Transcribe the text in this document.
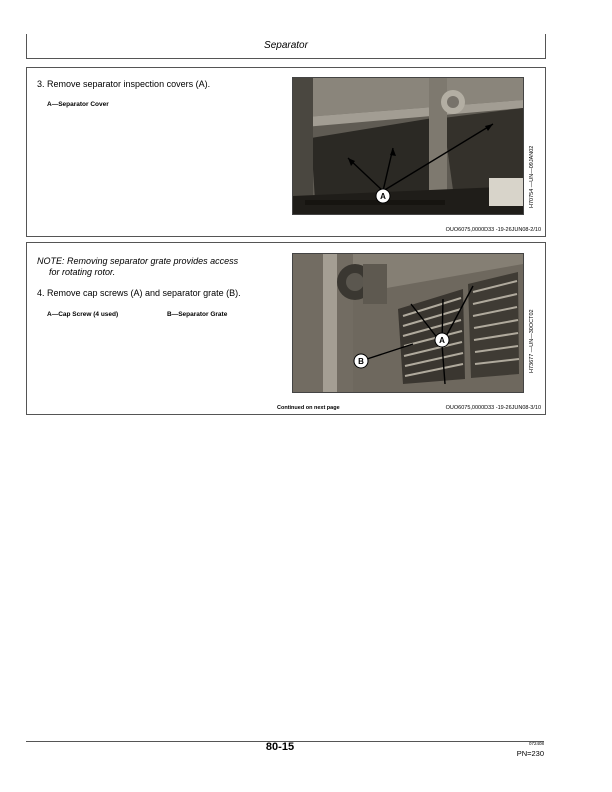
Separator
3. Remove separator inspection covers (A).
A—Separator Cover
A	H70754 —UN—09JAN02
OUO6075,0000D33 -19-26JUN08-2/10
NOTE: Removing separator grate provides access
for rotating rotor.
4. Remove cap screws (A) and separator grate (B).
A—Cap Screw (4 used)	B—Separator Grate
A
B	H73677 —UN—30OCT02
Continued on next page	OUO6075,0000D33 -19-26JUN08-3/10
80-15	072408
PN=230
